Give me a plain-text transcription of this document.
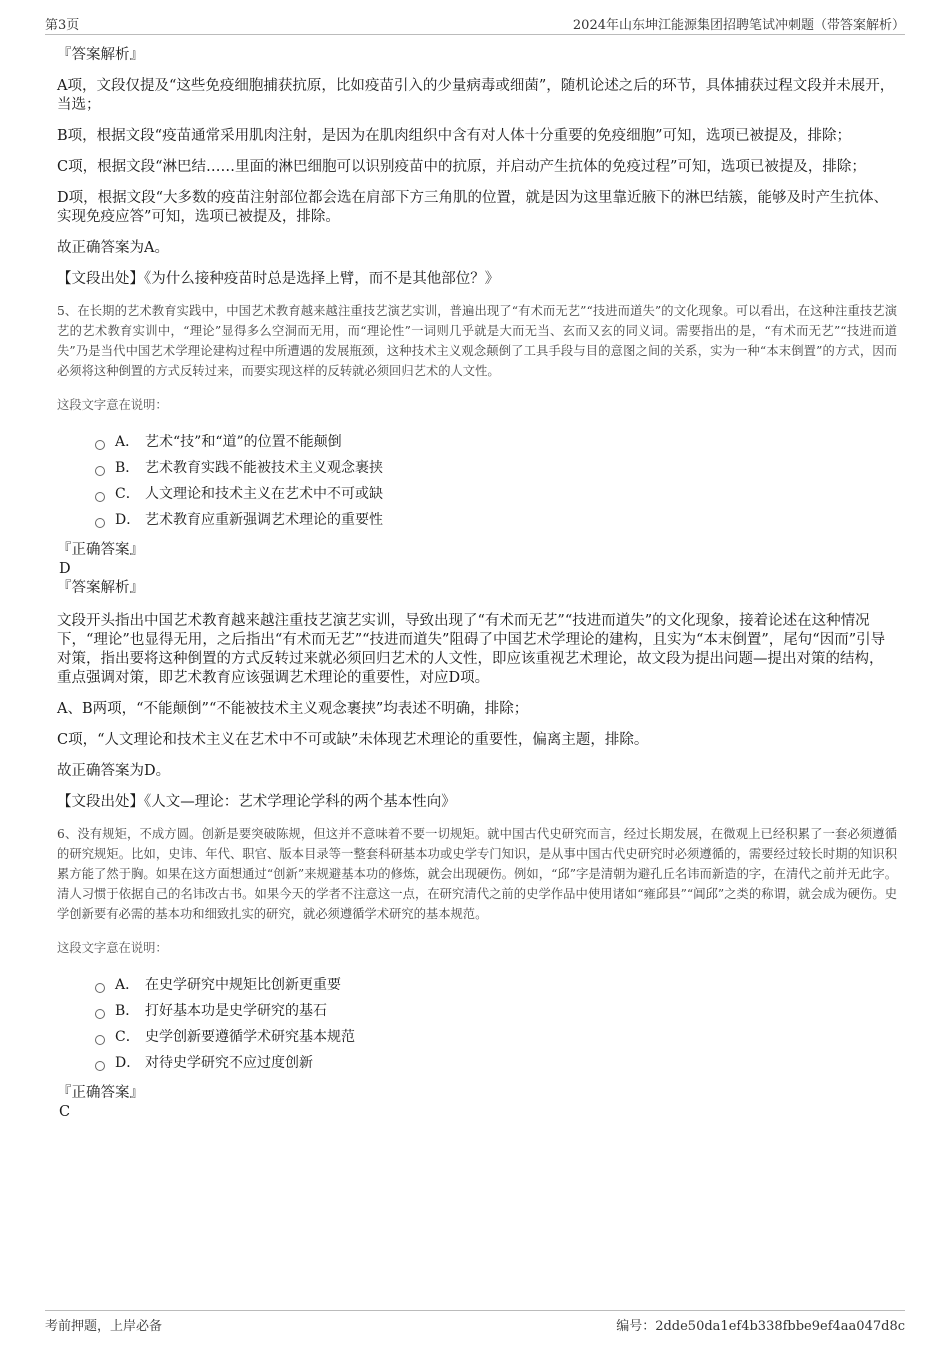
第3页	2024年山东坤江能源集团招聘笔试冲刺题（带答案解析）

『答案解析』

A项，文段仅提及“这些免疫细胞捕获抗原，比如疫苗引入的少量病毒或细菌”，随机论述之后的环节，具体捕获过程文段并未展开，当选；

B项，根据文段“疫苗通常采用肌肉注射，是因为在肌肉组织中含有对人体十分重要的免疫细胞”可知，选项已被提及，排除；

C项，根据文段“淋巴结……里面的淋巴细胞可以识别疫苗中的抗原，并启动产生抗体的免疫过程”可知，选项已被提及，排除；

D项，根据文段“大多数的疫苗注射部位都会选在肩部下方三角肌的位置，就是因为这里靠近腋下的淋巴结簇，能够及时产生抗体、实现免疫应答”可知，选项已被提及，排除。

故正确答案为A。

【文段出处】《为什么接种疫苗时总是选择上臂，而不是其他部位？》

5、在长期的艺术教育实践中，中国艺术教育越来越注重技艺演艺实训，普遍出现了“有术而无艺”“技进而道失”的文化现象。可以看出，在这种注重技艺演艺的艺术教育实训中，“理论”显得多么空洞而无用，而“理论性”一词则几乎就是大而无当、玄而又玄的同义词。需要指出的是，“有术而无艺”“技进而道失”乃是当代中国艺术学理论建构过程中所遭遇的发展瓶颈，这种技术主义观念颠倒了工具手段与目的意图之间的关系，实为一种“本末倒置”的方式，因而必须将这种倒置的方式反转过来，而要实现这样的反转就必须回归艺术的人文性。

这段文字意在说明：

A． 艺术“技”和“道”的位置不能颠倒
B． 艺术教育实践不能被技术主义观念裹挟
C． 人文理论和技术主义在艺术中不可或缺
D． 艺术教育应重新强调艺术理论的重要性

『正确答案』

D

『答案解析』

文段开头指出中国艺术教育越来越注重技艺演艺实训，导致出现了“有术而无艺”“技进而道失”的文化现象，接着论述在这种情况下，“理论”也显得无用，之后指出“有术而无艺”“技进而道失”阻碍了中国艺术学理论的建构，且实为“本末倒置”，尾句“因而”引导对策，指出要将这种倒置的方式反转过来就必须回归艺术的人文性，即应该重视艺术理论，故文段为提出问题—提出对策的结构，重点强调对策，即艺术教育应该强调艺术理论的重要性，对应D项。

A、B两项，“不能颠倒”“不能被技术主义观念裹挟”均表述不明确，排除；

C项，“人文理论和技术主义在艺术中不可或缺”未体现艺术理论的重要性，偏离主题，排除。

故正确答案为D。

【文段出处】《人文—理论：艺术学理论学科的两个基本性向》

6、没有规矩，不成方圆。创新是要突破陈规，但这并不意味着不要一切规矩。就中国古代史研究而言，经过长期发展，在微观上已经积累了一套必须遵循的研究规矩。比如，史讳、年代、职官、版本目录等一整套科研基本功或史学专门知识，是从事中国古代史研究时必须遵循的，需要经过较长时期的知识积累方能了然于胸。如果在这方面想通过“创新”来规避基本功的修炼，就会出现硬伤。例如，“邱”字是清朝为避孔丘名讳而新造的字，在清代之前并无此字。清人习惯于依据自己的名讳改古书。如果今天的学者不注意这一点，在研究清代之前的史学作品中使用诸如“雍邱县”“阊邱”之类的称谓，就会成为硬伤。史学创新要有必需的基本功和细致扎实的研究，就必须遵循学术研究的基本规范。

这段文字意在说明：

A． 在史学研究中规矩比创新更重要
B． 打好基本功是史学研究的基石
C． 史学创新要遵循学术研究基本规范
D． 对待史学研究不应过度创新

『正确答案』

C

考前押题，上岸必备	编号：2dde50da1ef4b338fbbe9ef4aa047d8c
